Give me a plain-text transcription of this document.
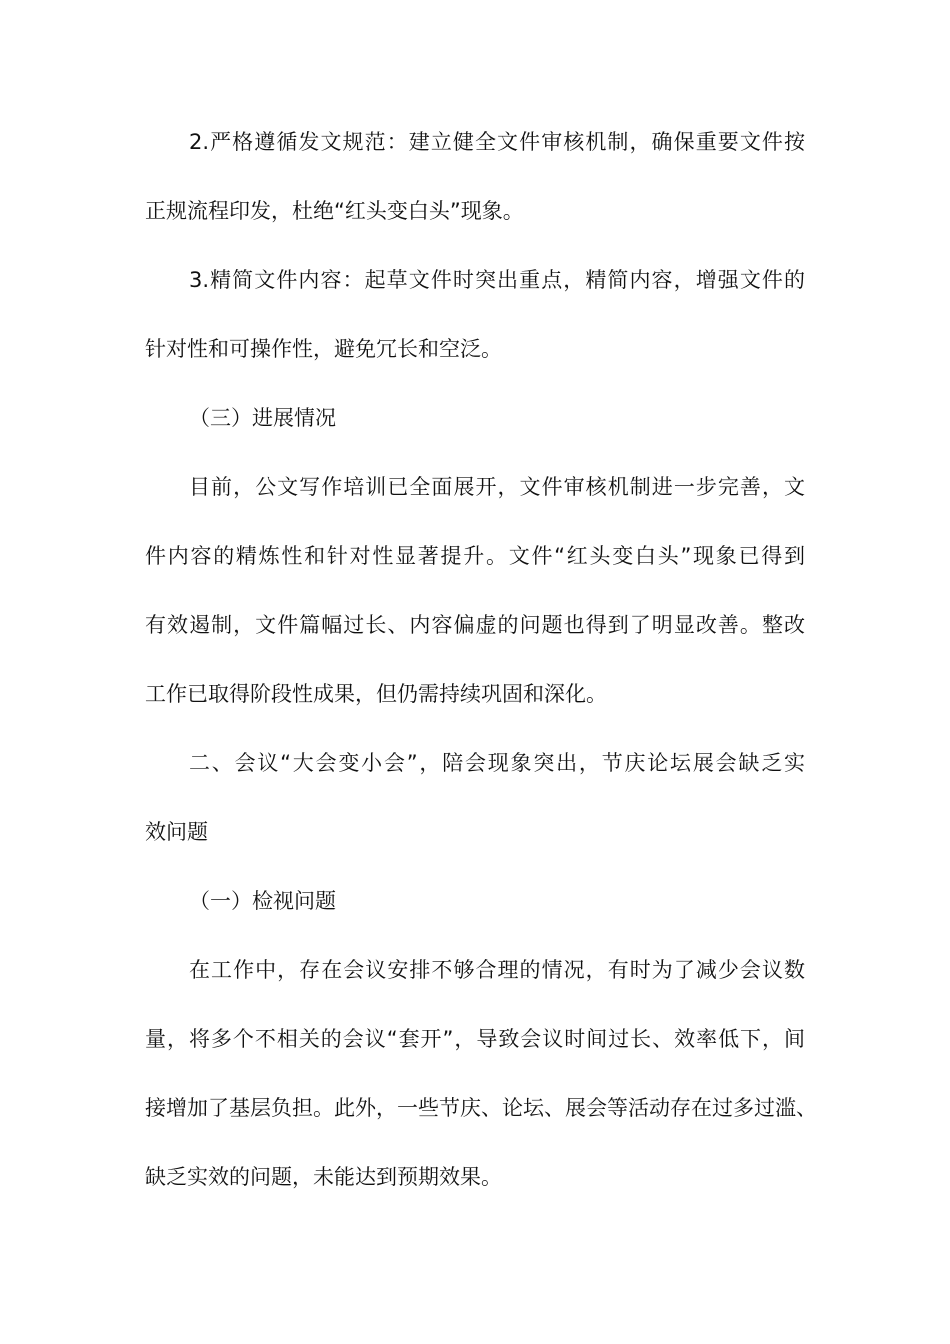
2.严格遵循发文规范：建立健全文件审核机制，确保重要文件按
正规流程印发，杜绝“红头变白头”现象。
3.精简文件内容：起草文件时突出重点，精简内容，增强文件的
针对性和可操作性，避免冗长和空泛。
（三）进展情况
目前，公文写作培训已全面展开，文件审核机制进一步完善，文
件内容的精炼性和针对性显著提升。文件“红头变白头”现象已得到
有效遏制，文件篇幅过长、内容偏虚的问题也得到了明显改善。整改
工作已取得阶段性成果，但仍需持续巩固和深化。
二、会议“大会变小会”，陪会现象突出，节庆论坛展会缺乏实
效问题
（一）检视问题
在工作中，存在会议安排不够合理的情况，有时为了减少会议数
量，将多个不相关的会议“套开”，导致会议时间过长、效率低下，间
接增加了基层负担。此外，一些节庆、论坛、展会等活动存在过多过滥、
缺乏实效的问题，未能达到预期效果。
